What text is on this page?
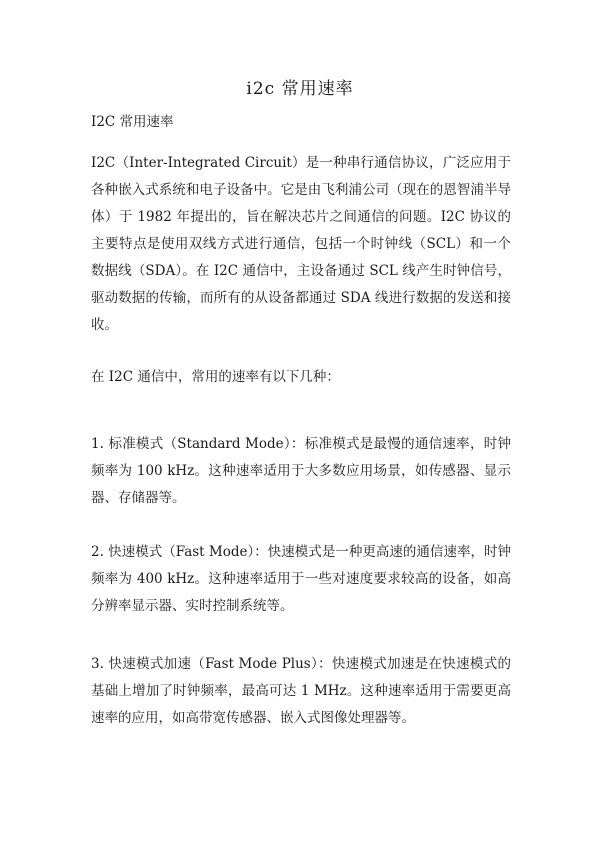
i2c 常用速率

I2C 常用速率

I2C（Inter-Integrated Circuit）是一种串行通信协议，广泛应用于各种嵌入式系统和电子设备中。它是由飞利浦公司（现在的恩智浦半导体）于 1982 年提出的，旨在解决芯片之间通信的问题。I2C 协议的主要特点是使用双线方式进行通信，包括一个时钟线（SCL）和一个数据线（SDA）。在 I2C 通信中，主设备通过 SCL 线产生时钟信号，驱动数据的传输，而所有的从设备都通过 SDA 线进行数据的发送和接收。

在 I2C 通信中，常用的速率有以下几种：

1. 标准模式（Standard Mode）：标准模式是最慢的通信速率，时钟频率为 100 kHz。这种速率适用于大多数应用场景，如传感器、显示器、存储器等。

2. 快速模式（Fast Mode）：快速模式是一种更高速的通信速率，时钟频率为 400 kHz。这种速率适用于一些对速度要求较高的设备，如高分辨率显示器、实时控制系统等。

3. 快速模式加速（Fast Mode Plus）：快速模式加速是在快速模式的基础上增加了时钟频率，最高可达 1 MHz。这种速率适用于需要更高速率的应用，如高带宽传感器、嵌入式图像处理器等。
